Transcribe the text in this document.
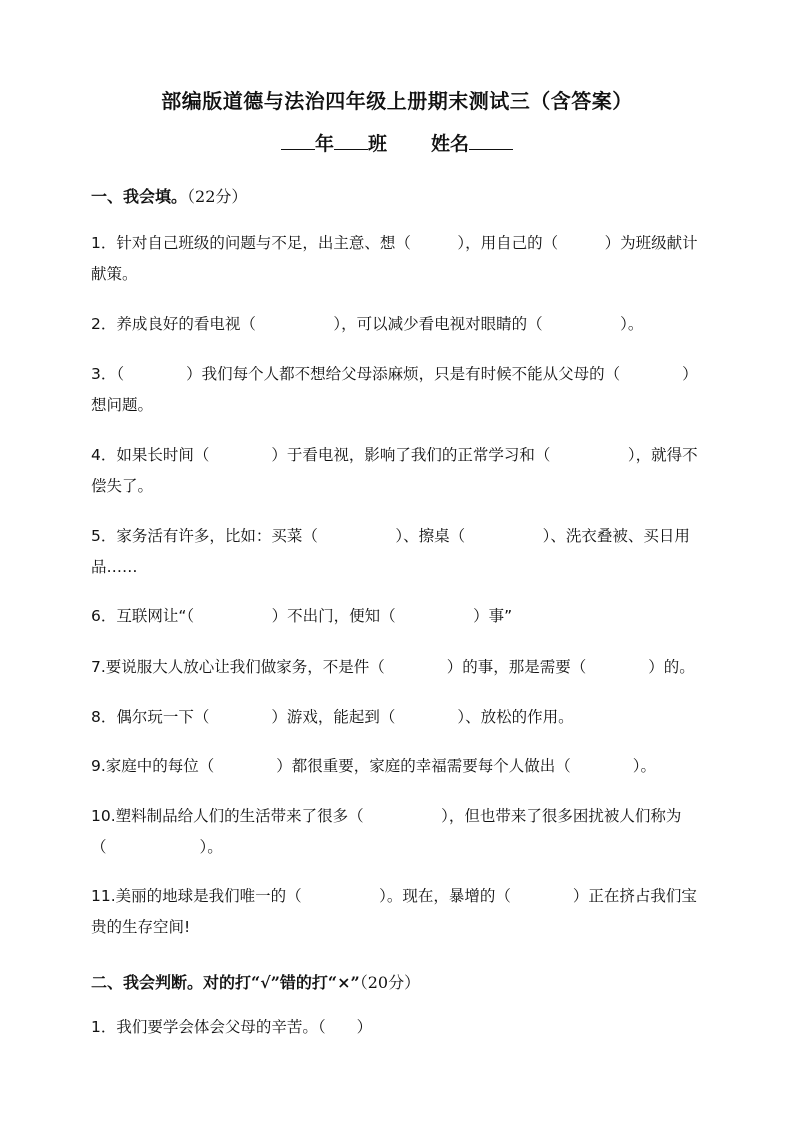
部编版道德与法治四年级上册期末测试三（含答案）
年 班 姓名
一、我会填。（22分）
1．针对自己班级的问题与不足，出主意、想（　　　），用自己的（　　　）为班级献计献策。
2．养成良好的看电视（　　　　　），可以减少看电视对眼睛的（　　　　　）。
3．（　　　　）我们每个人都不想给父母添麻烦，只是有时候不能从父母的（　　　　）想问题。
4．如果长时间（　　　　）于看电视，影响了我们的正常学习和（　　　　　），就得不偿失了。
5．家务活有许多，比如：买菜（　　　　　）、擦桌（　　　　　）、洗衣叠被、买日用品……
6．互联网让“（　　　　　）不出门，便知（　　　　　）事”
7.要说服大人放心让我们做家务，不是件（　　　　）的事，那是需要（　　　　）的。
8．偶尔玩一下（　　　　）游戏，能起到（　　　　）、放松的作用。
9.家庭中的每位（　　　　）都很重要，家庭的幸福需要每个人做出（　　　　）。
10.塑料制品给人们的生活带来了很多（　　　　　），但也带来了很多困扰被人们称为（　　　　　　）。
11.美丽的地球是我们唯一的（　　　　　）。现在，暴增的（　　　　）正在挤占我们宝贵的生存空间!
二、我会判断。对的打“√”错的打“×”（20分）
1．我们要学会体会父母的辛苦。（　　）
